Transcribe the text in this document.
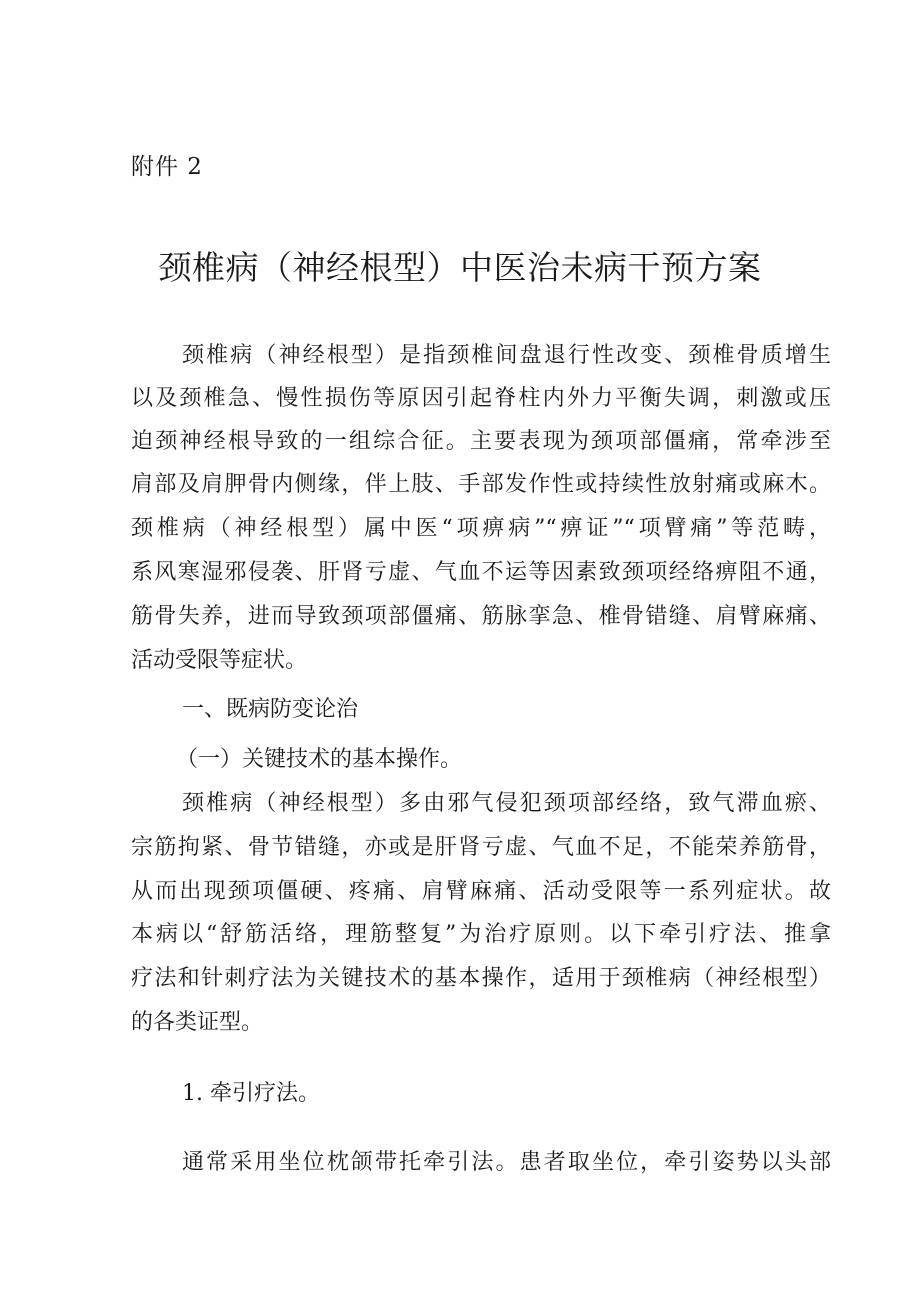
附件 2
颈椎病（神经根型）中医治未病干预方案
颈椎病（神经根型）是指颈椎间盘退行性改变、颈椎骨质增生
以及颈椎急、慢性损伤等原因引起脊柱内外力平衡失调，刺激或压
迫颈神经根导致的一组综合征。主要表现为颈项部僵痛，常牵涉至
肩部及肩胛骨内侧缘，伴上肢、手部发作性或持续性放射痛或麻木。
颈椎病（神经根型）属中医“项痹病”“痹证”“项臂痛”等范畴，
系风寒湿邪侵袭、肝肾亏虚、气血不运等因素致颈项经络痹阻不通，
筋骨失养，进而导致颈项部僵痛、筋脉挛急、椎骨错缝、肩臂麻痛、
活动受限等症状。
一、既病防变论治
（一）关键技术的基本操作。
颈椎病（神经根型）多由邪气侵犯颈项部经络，致气滞血瘀、
宗筋拘紧、骨节错缝，亦或是肝肾亏虚、气血不足，不能荣养筋骨，
从而出现颈项僵硬、疼痛、肩臂麻痛、活动受限等一系列症状。故
本病以“舒筋活络，理筋整复”为治疗原则。以下牵引疗法、推拿
疗法和针刺疗法为关键技术的基本操作，适用于颈椎病（神经根型）
的各类证型。
1. 牵引疗法。
通常采用坐位枕颌带托牵引法。患者取坐位，牵引姿势以头部
